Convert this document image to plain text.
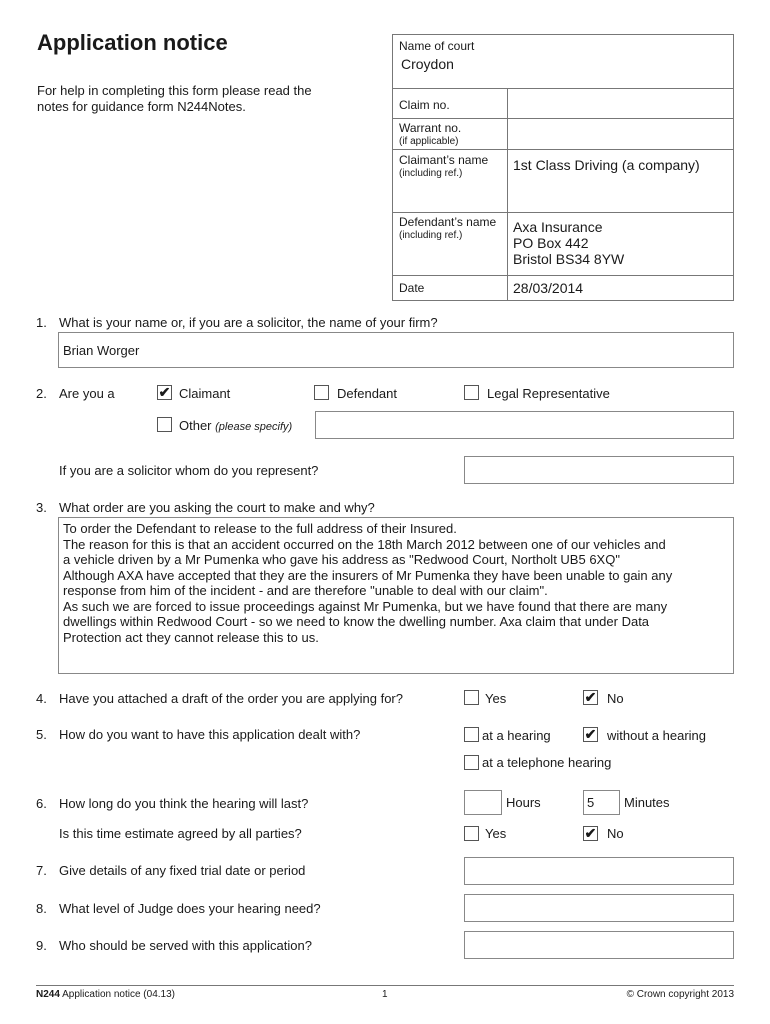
Application notice
For help in completing this form please read the notes for guidance form N244Notes.
Name of court
Croydon
Claim no.
Warrant no.
(if applicable)
Claimant’s name
(including ref.)
1st Class Driving (a company)
Defendant’s name
(including ref.)
Axa Insurance
PO Box 442
Bristol BS34 8YW
Date	28/03/2014
1. What is your name or, if you are a solicitor, the name of your firm?
Brian Worger
2. Are you a	✔ Claimant	Defendant	Legal Representative
Other (please specify)
If you are a solicitor whom do you represent?
3. What order are you asking the court to make and why?
To order the Defendant to release to the full address of their Insured.
The reason for this is that an accident occurred on the 18th March 2012 between one of our vehicles and
a vehicle driven by a Mr Pumenka who gave his address as "Redwood Court, Northolt UB5 6XQ"
Although AXA have accepted that they are the insurers of Mr Pumenka they have been unable to gain any
response from him of the incident - and are therefore "unable to deal with our claim".
As such we are forced to issue proceedings against Mr Pumenka, but we have found that there are many
dwellings within Redwood Court - so we need to know the dwelling number. Axa claim that under Data
Protection act they cannot release this to us.
4. Have you attached a draft of the order you are applying for?	Yes	✔ No
5. How do you want to have this application dealt with?	at a hearing ✔ without a hearing
at a telephone hearing
6. How long do you think the hearing will last?	Hours	5 Minutes
Is this time estimate agreed by all parties?	Yes	✔ No
7. Give details of any fixed trial date or period
8. What level of Judge does your hearing need?
9. Who should be served with this application?
N244 Application notice (04.13)	1	© Crown copyright 2013
